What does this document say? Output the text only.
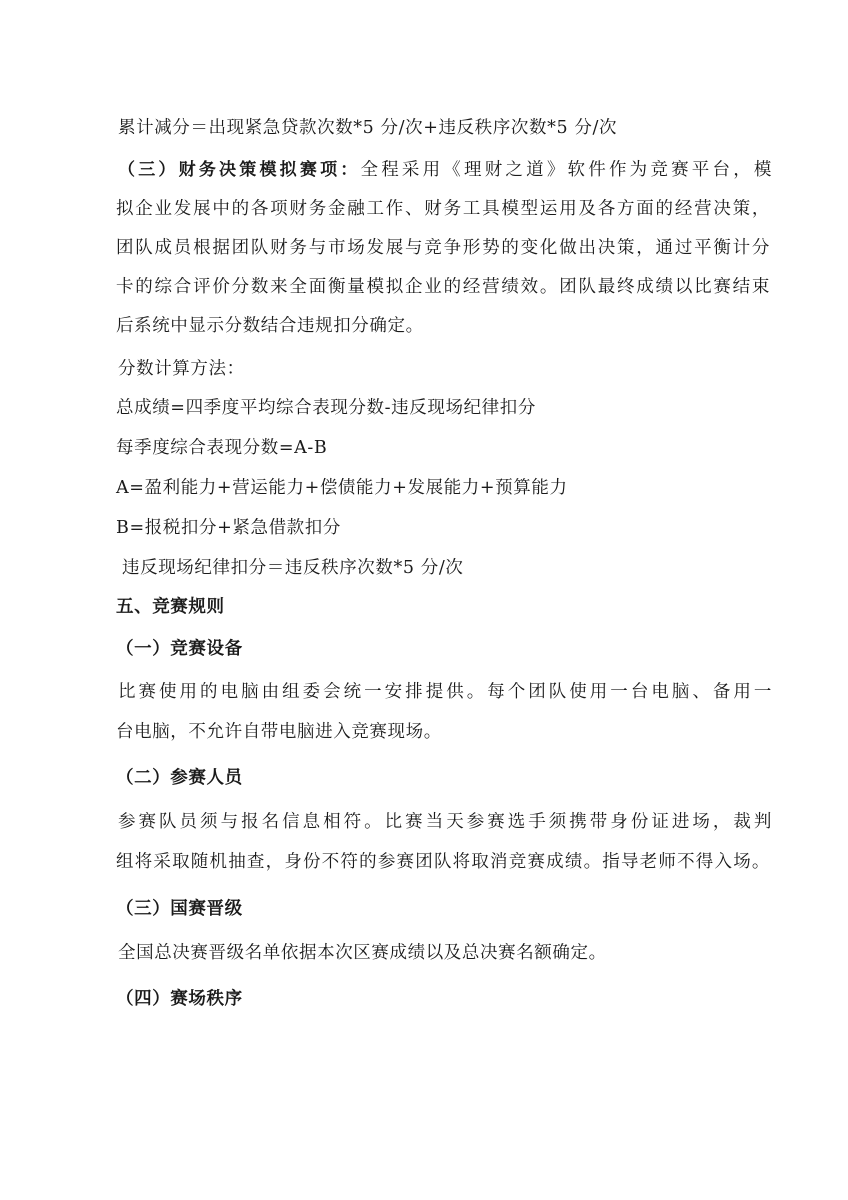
累计减分＝出现紧急贷款次数*5 分/次+违反秩序次数*5 分/次
（三）财务决策模拟赛项：全程采用《理财之道》软件作为竞赛平台，模
拟企业发展中的各项财务金融工作、财务工具模型运用及各方面的经营决策，
团队成员根据团队财务与市场发展与竞争形势的变化做出决策，通过平衡计分
卡的综合评价分数来全面衡量模拟企业的经营绩效。团队最终成绩以比赛结束
后系统中显示分数结合违规扣分确定。
分数计算方法：
总成绩=四季度平均综合表现分数-违反现场纪律扣分
每季度综合表现分数=A-B
A=盈利能力+营运能力+偿债能力+发展能力+预算能力
B=报税扣分+紧急借款扣分
违反现场纪律扣分＝违反秩序次数*5 分/次
五、竞赛规则
（一）竞赛设备
比赛使用的电脑由组委会统一安排提供。每个团队使用一台电脑、备用一
台电脑，不允许自带电脑进入竞赛现场。
（二）参赛人员
参赛队员须与报名信息相符。比赛当天参赛选手须携带身份证进场，裁判
组将采取随机抽查，身份不符的参赛团队将取消竞赛成绩。指导老师不得入场。
（三）国赛晋级
全国总决赛晋级名单依据本次区赛成绩以及总决赛名额确定。
（四）赛场秩序
